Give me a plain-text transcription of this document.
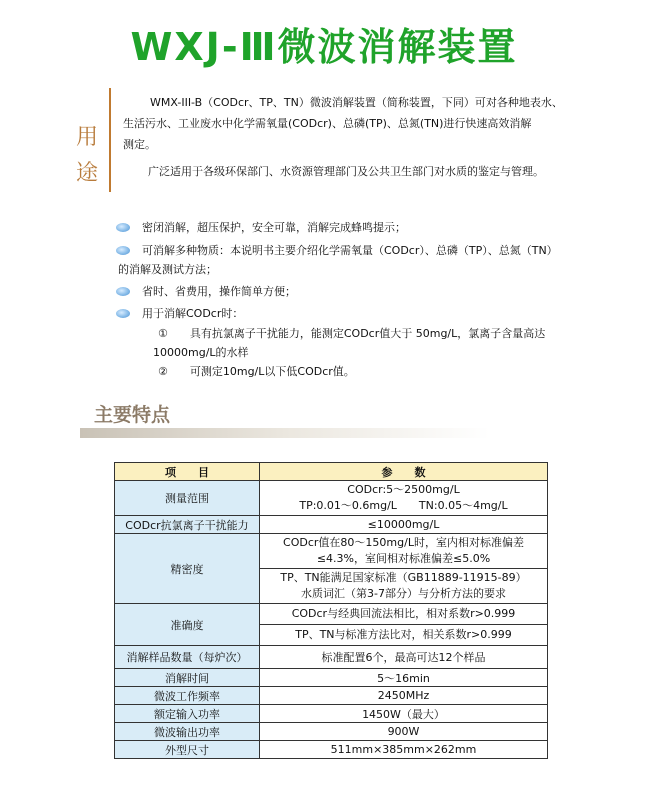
WXJ-Ⅲ微波消解装置
用
途
WMX-III-B（CODcr、TP、TN）微波消解装置（简称装置，下同）可对各种地表水、
生活污水、工业废水中化学需氧量(CODcr)、总磷(TP)、总氮(TN)进行快速高效消解
测定。
广泛适用于各级环保部门、水资源管理部门及公共卫生部门对水质的鉴定与管理。
密闭消解，超压保护，安全可靠，消解完成蜂鸣提示；
可消解多种物质：本说明书主要介绍化学需氧量（CODcr）、总磷（TP）、总氮（TN）
的消解及测试方法；
省时、省费用，操作简单方便；
用于消解CODcr时：
①　　具有抗氯离子干扰能力，能测定CODcr值大于 50mg/L，氯离子含量高达
10000mg/L的水样
②　　可测定10mg/L以下低CODcr值。
主要特点
项　　目	参　　数
测量范围	CODcr:5～2500mg/L
TP:0.01～0.6mg/L　　TN:0.05～4mg/L

CODcr抗氯离子干扰能力	≤10000mg/L
精密度	CODcr值在80～150mg/L时，室内相对标准偏差
≤4.3%，室间相对标准偏差≤5.0%
TP、TN能满足国家标准（GB11889-11915-89）
水质词汇（第3-7部分）与分析方法的要求

准确度	CODcr与经典回流法相比，相对系数r>0.999
TP、TN与标准方法比对，相关系数r>0.999

消解样品数量（每炉次）	标准配置6个，最高可达12个样品
消解时间	5～16min
微波工作频率	2450MHz
额定输入功率	1450W（最大）
微波输出功率	900W
外型尺寸	511mm×385mm×262mm
